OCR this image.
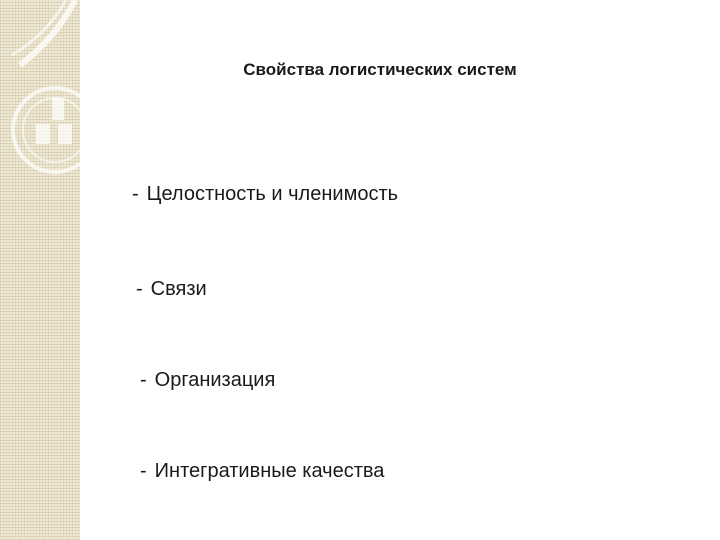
Свойства логистических систем
- Целостность и членимость
- Связи
- Организация
- Интегративные качества
